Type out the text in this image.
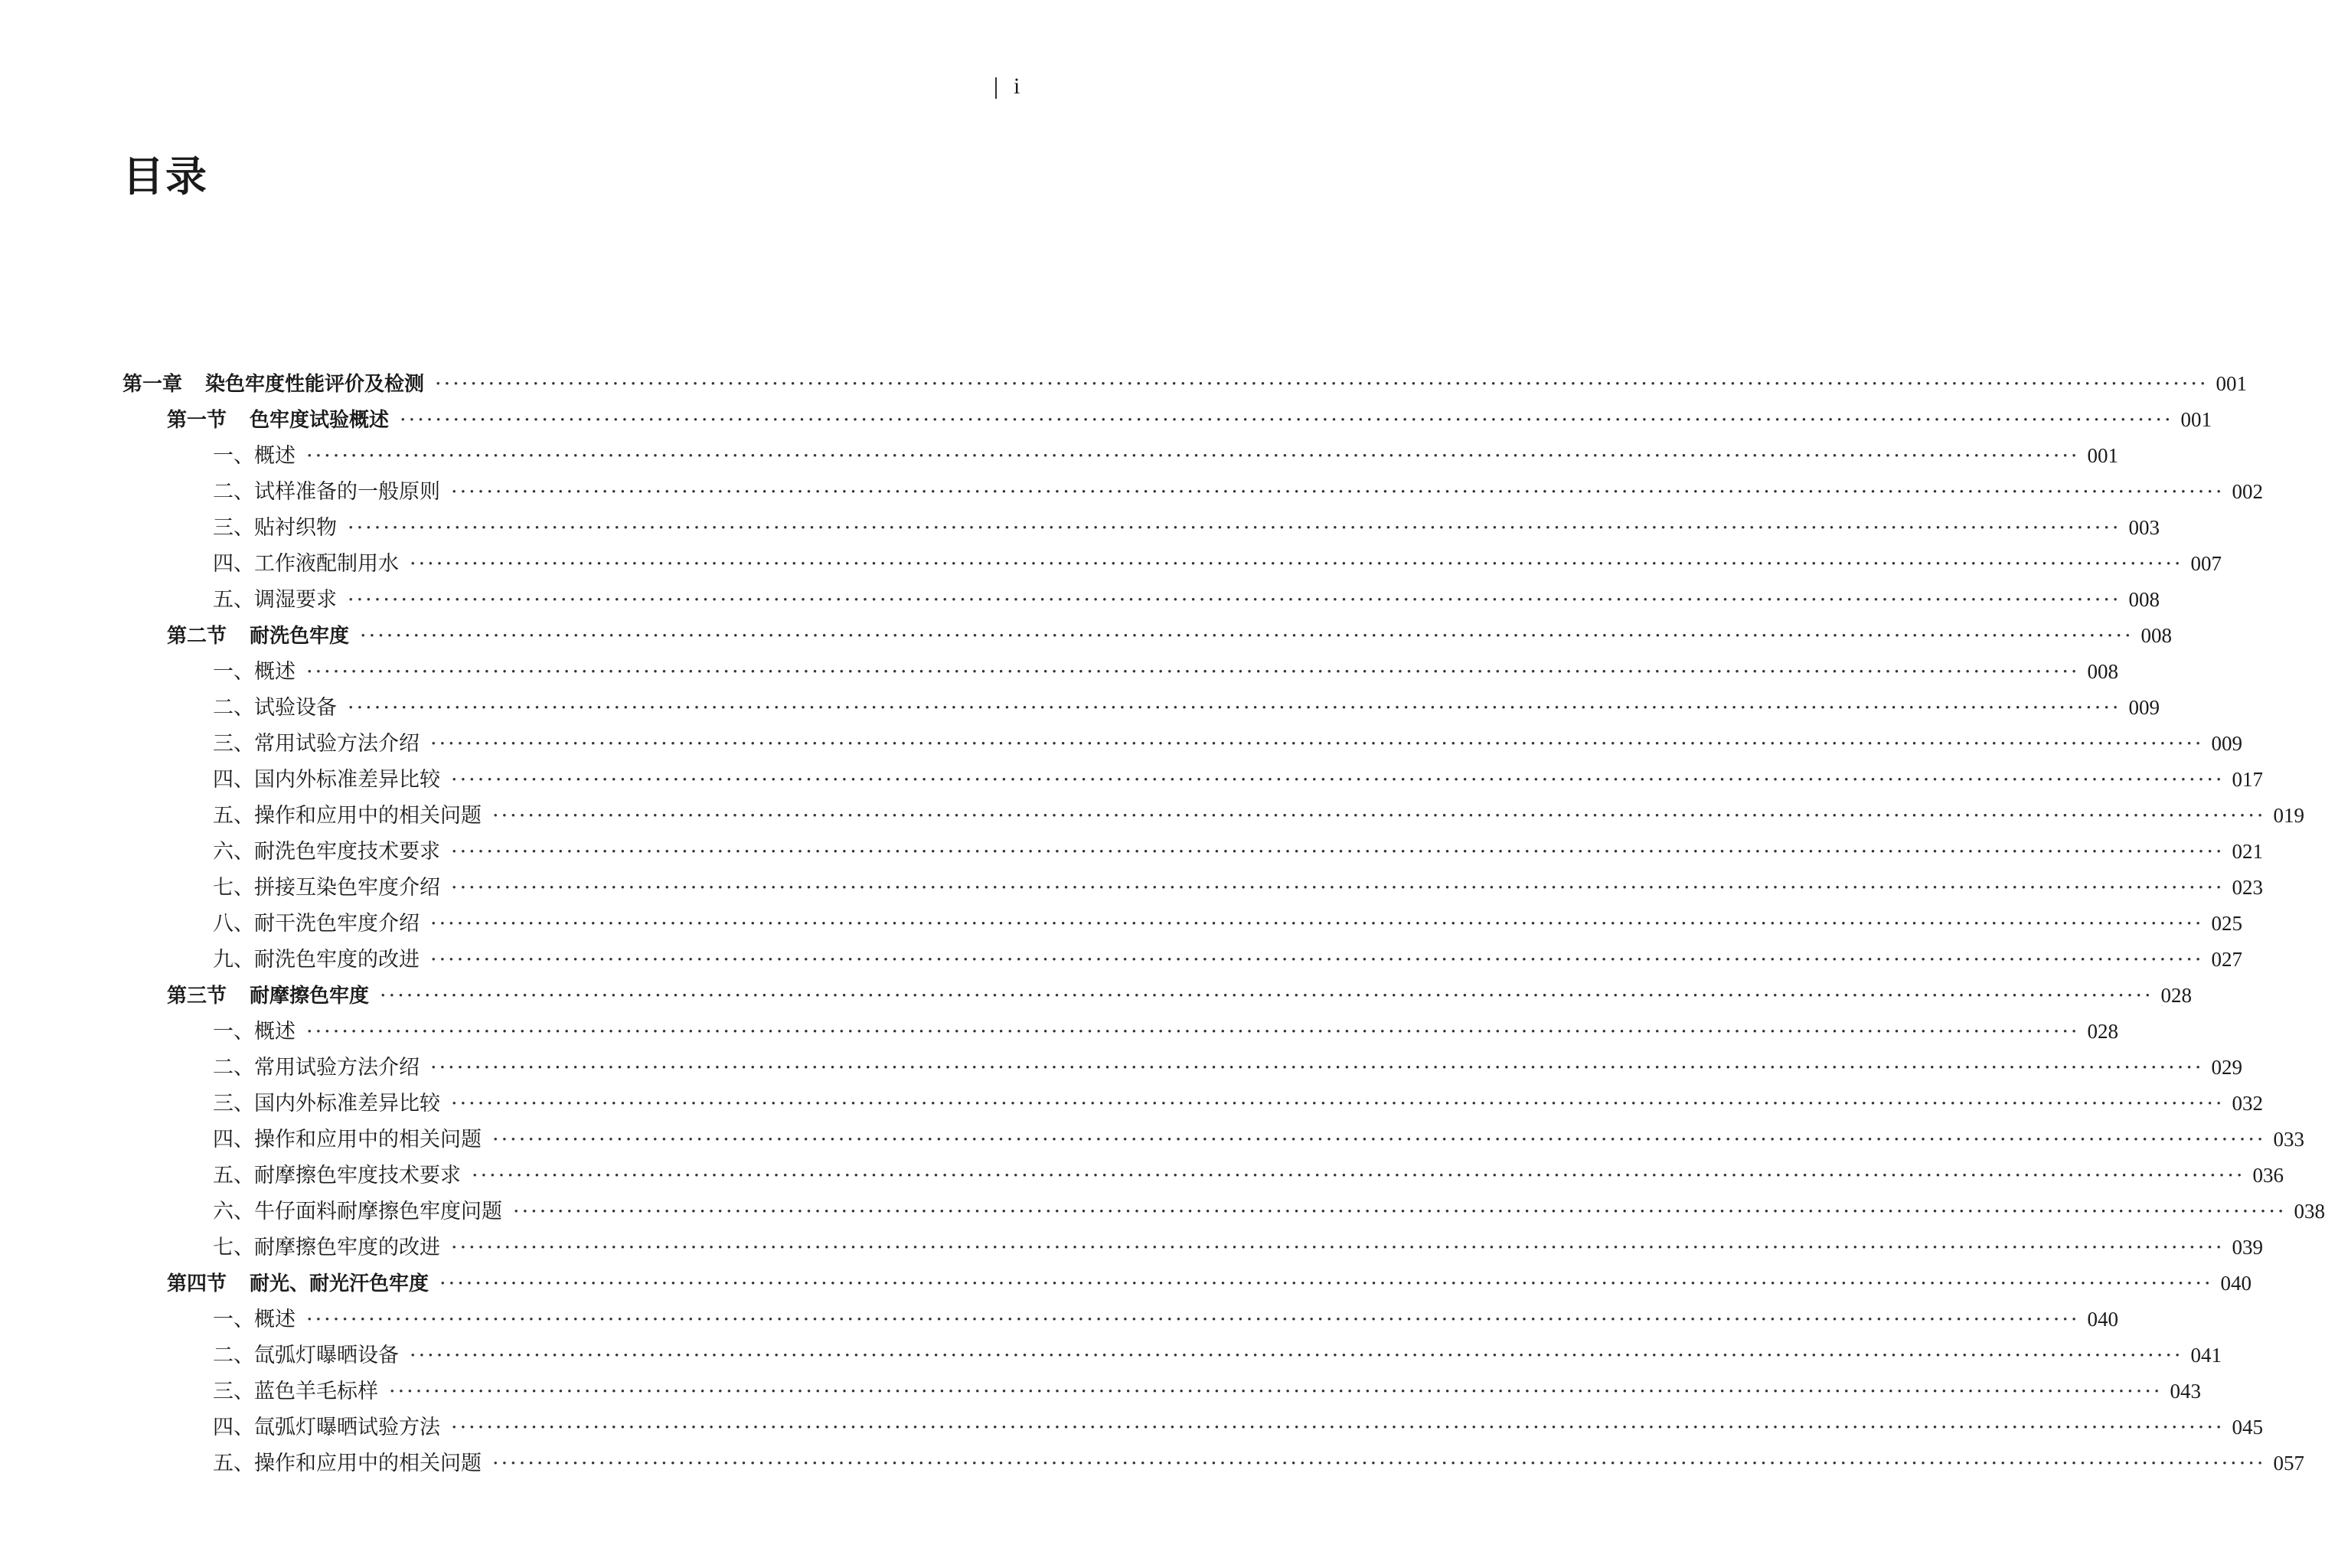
i
目录
第一章 染色牢度性能评价及检测 ········································································································································································································ 001
第一节 色牢度试验概述 ········································································································································································································ 001
一、概述 ········································································································································································································ 001
二、试样准备的一般原则 ········································································································································································································ 002
三、贴衬织物 ········································································································································································································ 003
四、工作液配制用水 ········································································································································································································ 007
五、调湿要求 ········································································································································································································ 008
第二节 耐洗色牢度 ········································································································································································································ 008
一、概述 ········································································································································································································ 008
二、试验设备 ········································································································································································································ 009
三、常用试验方法介绍 ········································································································································································································ 009
四、国内外标准差异比较 ········································································································································································································ 017
五、操作和应用中的相关问题 ········································································································································································································ 019
六、耐洗色牢度技术要求 ········································································································································································································ 021
七、拼接互染色牢度介绍 ········································································································································································································ 023
八、耐干洗色牢度介绍 ········································································································································································································ 025
九、耐洗色牢度的改进 ········································································································································································································ 027
第三节 耐摩擦色牢度 ········································································································································································································ 028
一、概述 ········································································································································································································ 028
二、常用试验方法介绍 ········································································································································································································ 029
三、国内外标准差异比较 ········································································································································································································ 032
四、操作和应用中的相关问题 ········································································································································································································ 033
五、耐摩擦色牢度技术要求 ········································································································································································································ 036
六、牛仔面料耐摩擦色牢度问题 ········································································································································································································ 038
七、耐摩擦色牢度的改进 ········································································································································································································ 039
第四节 耐光、耐光汗色牢度 ········································································································································································································ 040
一、概述 ········································································································································································································ 040
二、氙弧灯曝晒设备 ········································································································································································································ 041
三、蓝色羊毛标样 ········································································································································································································ 043
四、氙弧灯曝晒试验方法 ········································································································································································································ 045
五、操作和应用中的相关问题 ········································································································································································································ 057
